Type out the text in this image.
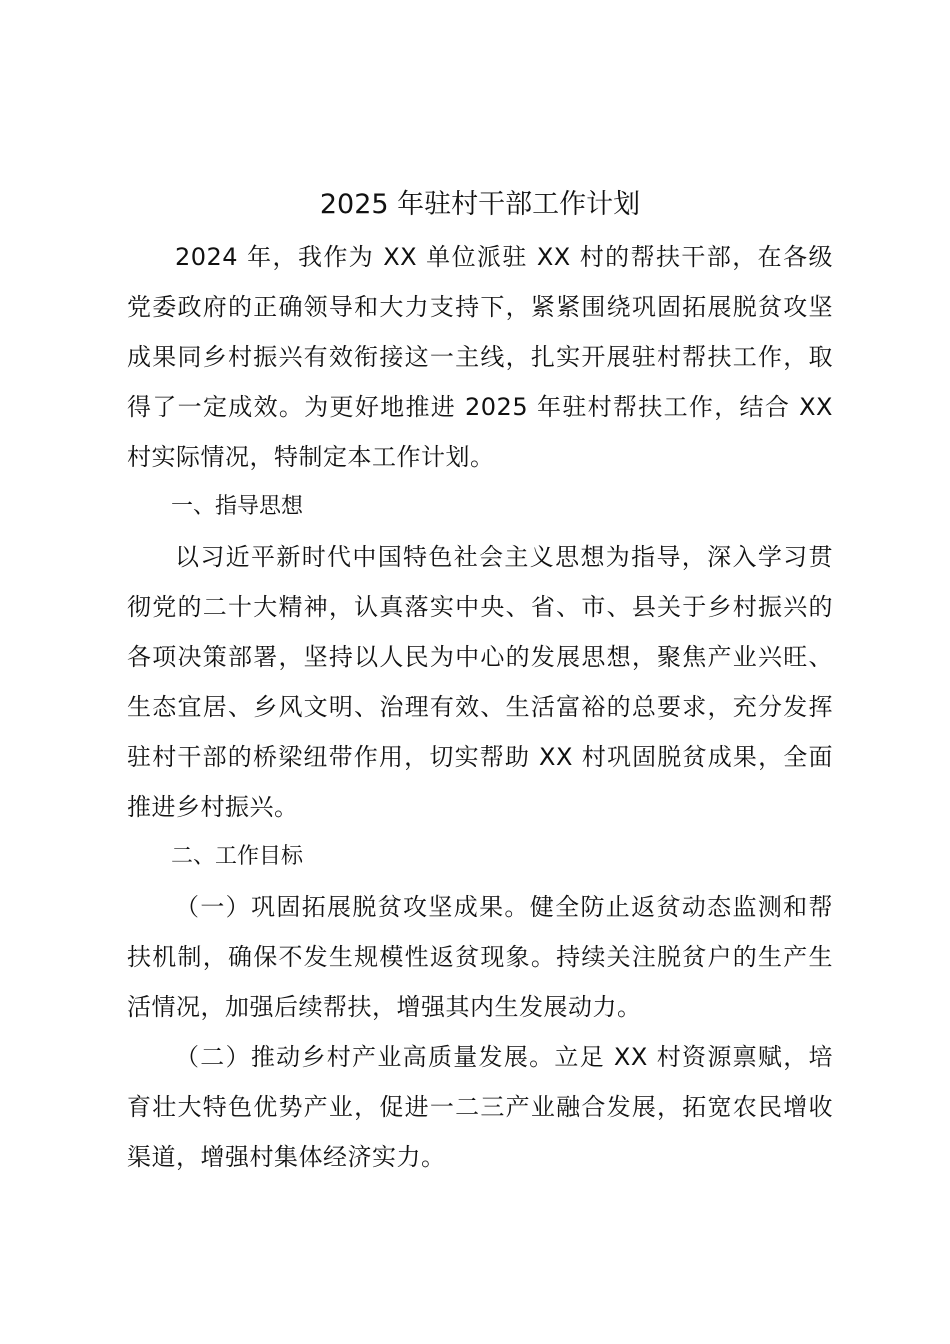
2025 年驻村干部工作计划

2024 年，我作为 XX 单位派驻 XX 村的帮扶干部，在各级党委政府的正确领导和大力支持下，紧紧围绕巩固拓展脱贫攻坚成果同乡村振兴有效衔接这一主线，扎实开展驻村帮扶工作，取得了一定成效。为更好地推进 2025 年驻村帮扶工作，结合 XX 村实际情况，特制定本工作计划。

一、指导思想

以习近平新时代中国特色社会主义思想为指导，深入学习贯彻党的二十大精神，认真落实中央、省、市、县关于乡村振兴的各项决策部署，坚持以人民为中心的发展思想，聚焦产业兴旺、生态宜居、乡风文明、治理有效、生活富裕的总要求，充分发挥驻村干部的桥梁纽带作用，切实帮助 XX 村巩固脱贫成果，全面推进乡村振兴。

二、工作目标

（一）巩固拓展脱贫攻坚成果。健全防止返贫动态监测和帮扶机制，确保不发生规模性返贫现象。持续关注脱贫户的生产生活情况，加强后续帮扶，增强其内生发展动力。

（二）推动乡村产业高质量发展。立足 XX 村资源禀赋，培育壮大特色优势产业，促进一二三产业融合发展，拓宽农民增收渠道，增强村集体经济实力。
